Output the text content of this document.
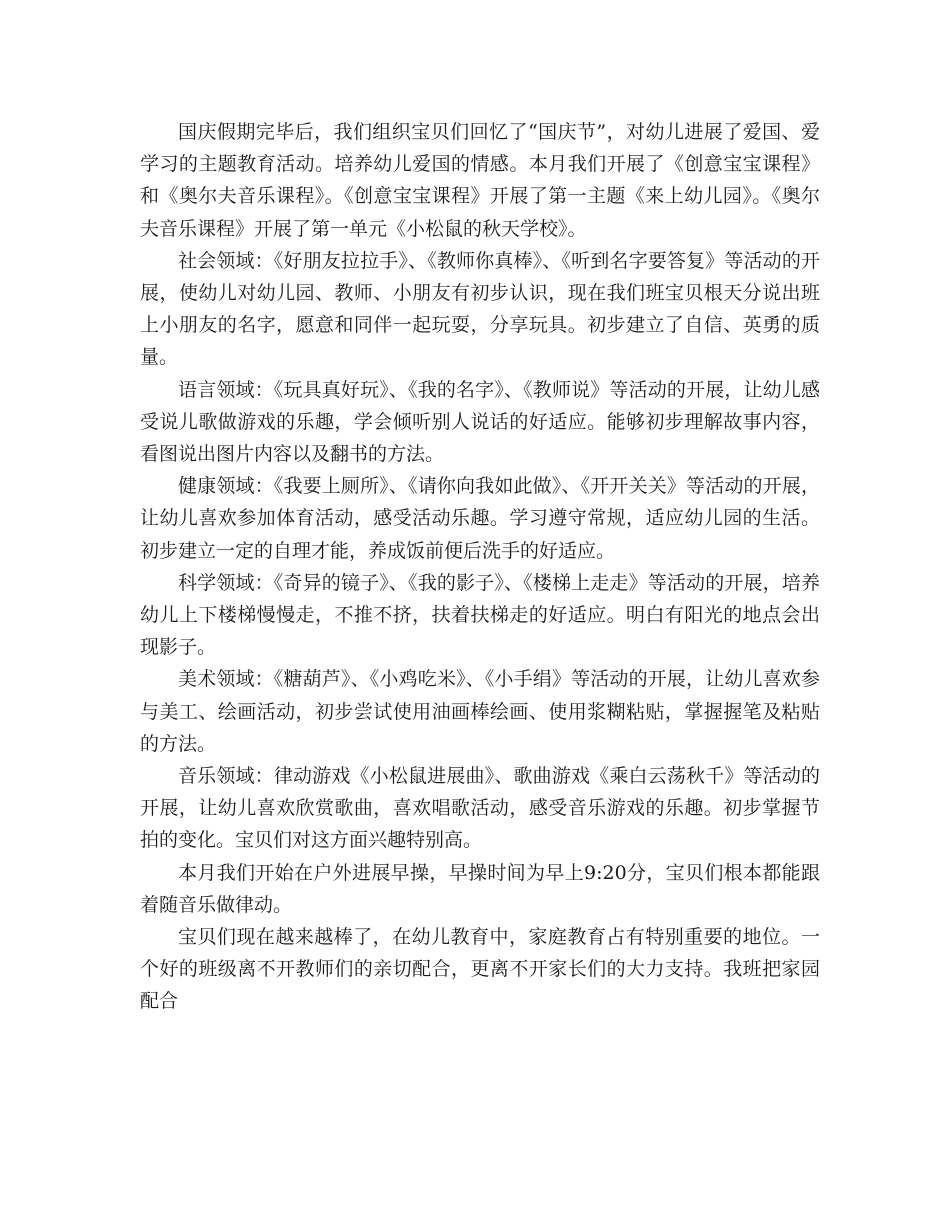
国庆假期完毕后，我们组织宝贝们回忆了“国庆节”，对幼儿进展了爱国、爱学习的主题教育活动。培养幼儿爱国的情感。本月我们开展了《创意宝宝课程》和《奥尔夫音乐课程》。《创意宝宝课程》开展了第一主题《来上幼儿园》。《奥尔夫音乐课程》开展了第一单元《小松鼠的秋天学校》。

社会领域：《好朋友拉拉手》、《教师你真棒》、《听到名字要答复》等活动的开展，使幼儿对幼儿园、教师、小朋友有初步认识，现在我们班宝贝根天分说出班上小朋友的名字，愿意和同伴一起玩耍，分享玩具。初步建立了自信、英勇的质量。

语言领域：《玩具真好玩》、《我的名字》、《教师说》等活动的开展，让幼儿感受说儿歌做游戏的乐趣，学会倾听别人说话的好适应。能够初步理解故事内容，看图说出图片内容以及翻书的方法。

健康领域：《我要上厕所》、《请你向我如此做》、《开开关关》等活动的开展，让幼儿喜欢参加体育活动，感受活动乐趣。学习遵守常规，适应幼儿园的生活。初步建立一定的自理才能，养成饭前便后洗手的好适应。

科学领域：《奇异的镜子》、《我的影子》、《楼梯上走走》等活动的开展，培养幼儿上下楼梯慢慢走，不推不挤，扶着扶梯走的好适应。明白有阳光的地点会出现影子。

美术领域：《糖葫芦》、《小鸡吃米》、《小手绢》等活动的开展，让幼儿喜欢参与美工、绘画活动，初步尝试使用油画棒绘画、使用浆糊粘贴，掌握握笔及粘贴的方法。

音乐领域：律动游戏《小松鼠进展曲》、歌曲游戏《乘白云荡秋千》等活动的开展，让幼儿喜欢欣赏歌曲，喜欢唱歌活动，感受音乐游戏的乐趣。初步掌握节拍的变化。宝贝们对这方面兴趣特别高。

本月我们开始在户外进展早操，早操时间为早上9:20分，宝贝们根本都能跟着随音乐做律动。

宝贝们现在越来越棒了，在幼儿教育中，家庭教育占有特别重要的地位。一个好的班级离不开教师们的亲切配合，更离不开家长们的大力支持。我班把家园配合
